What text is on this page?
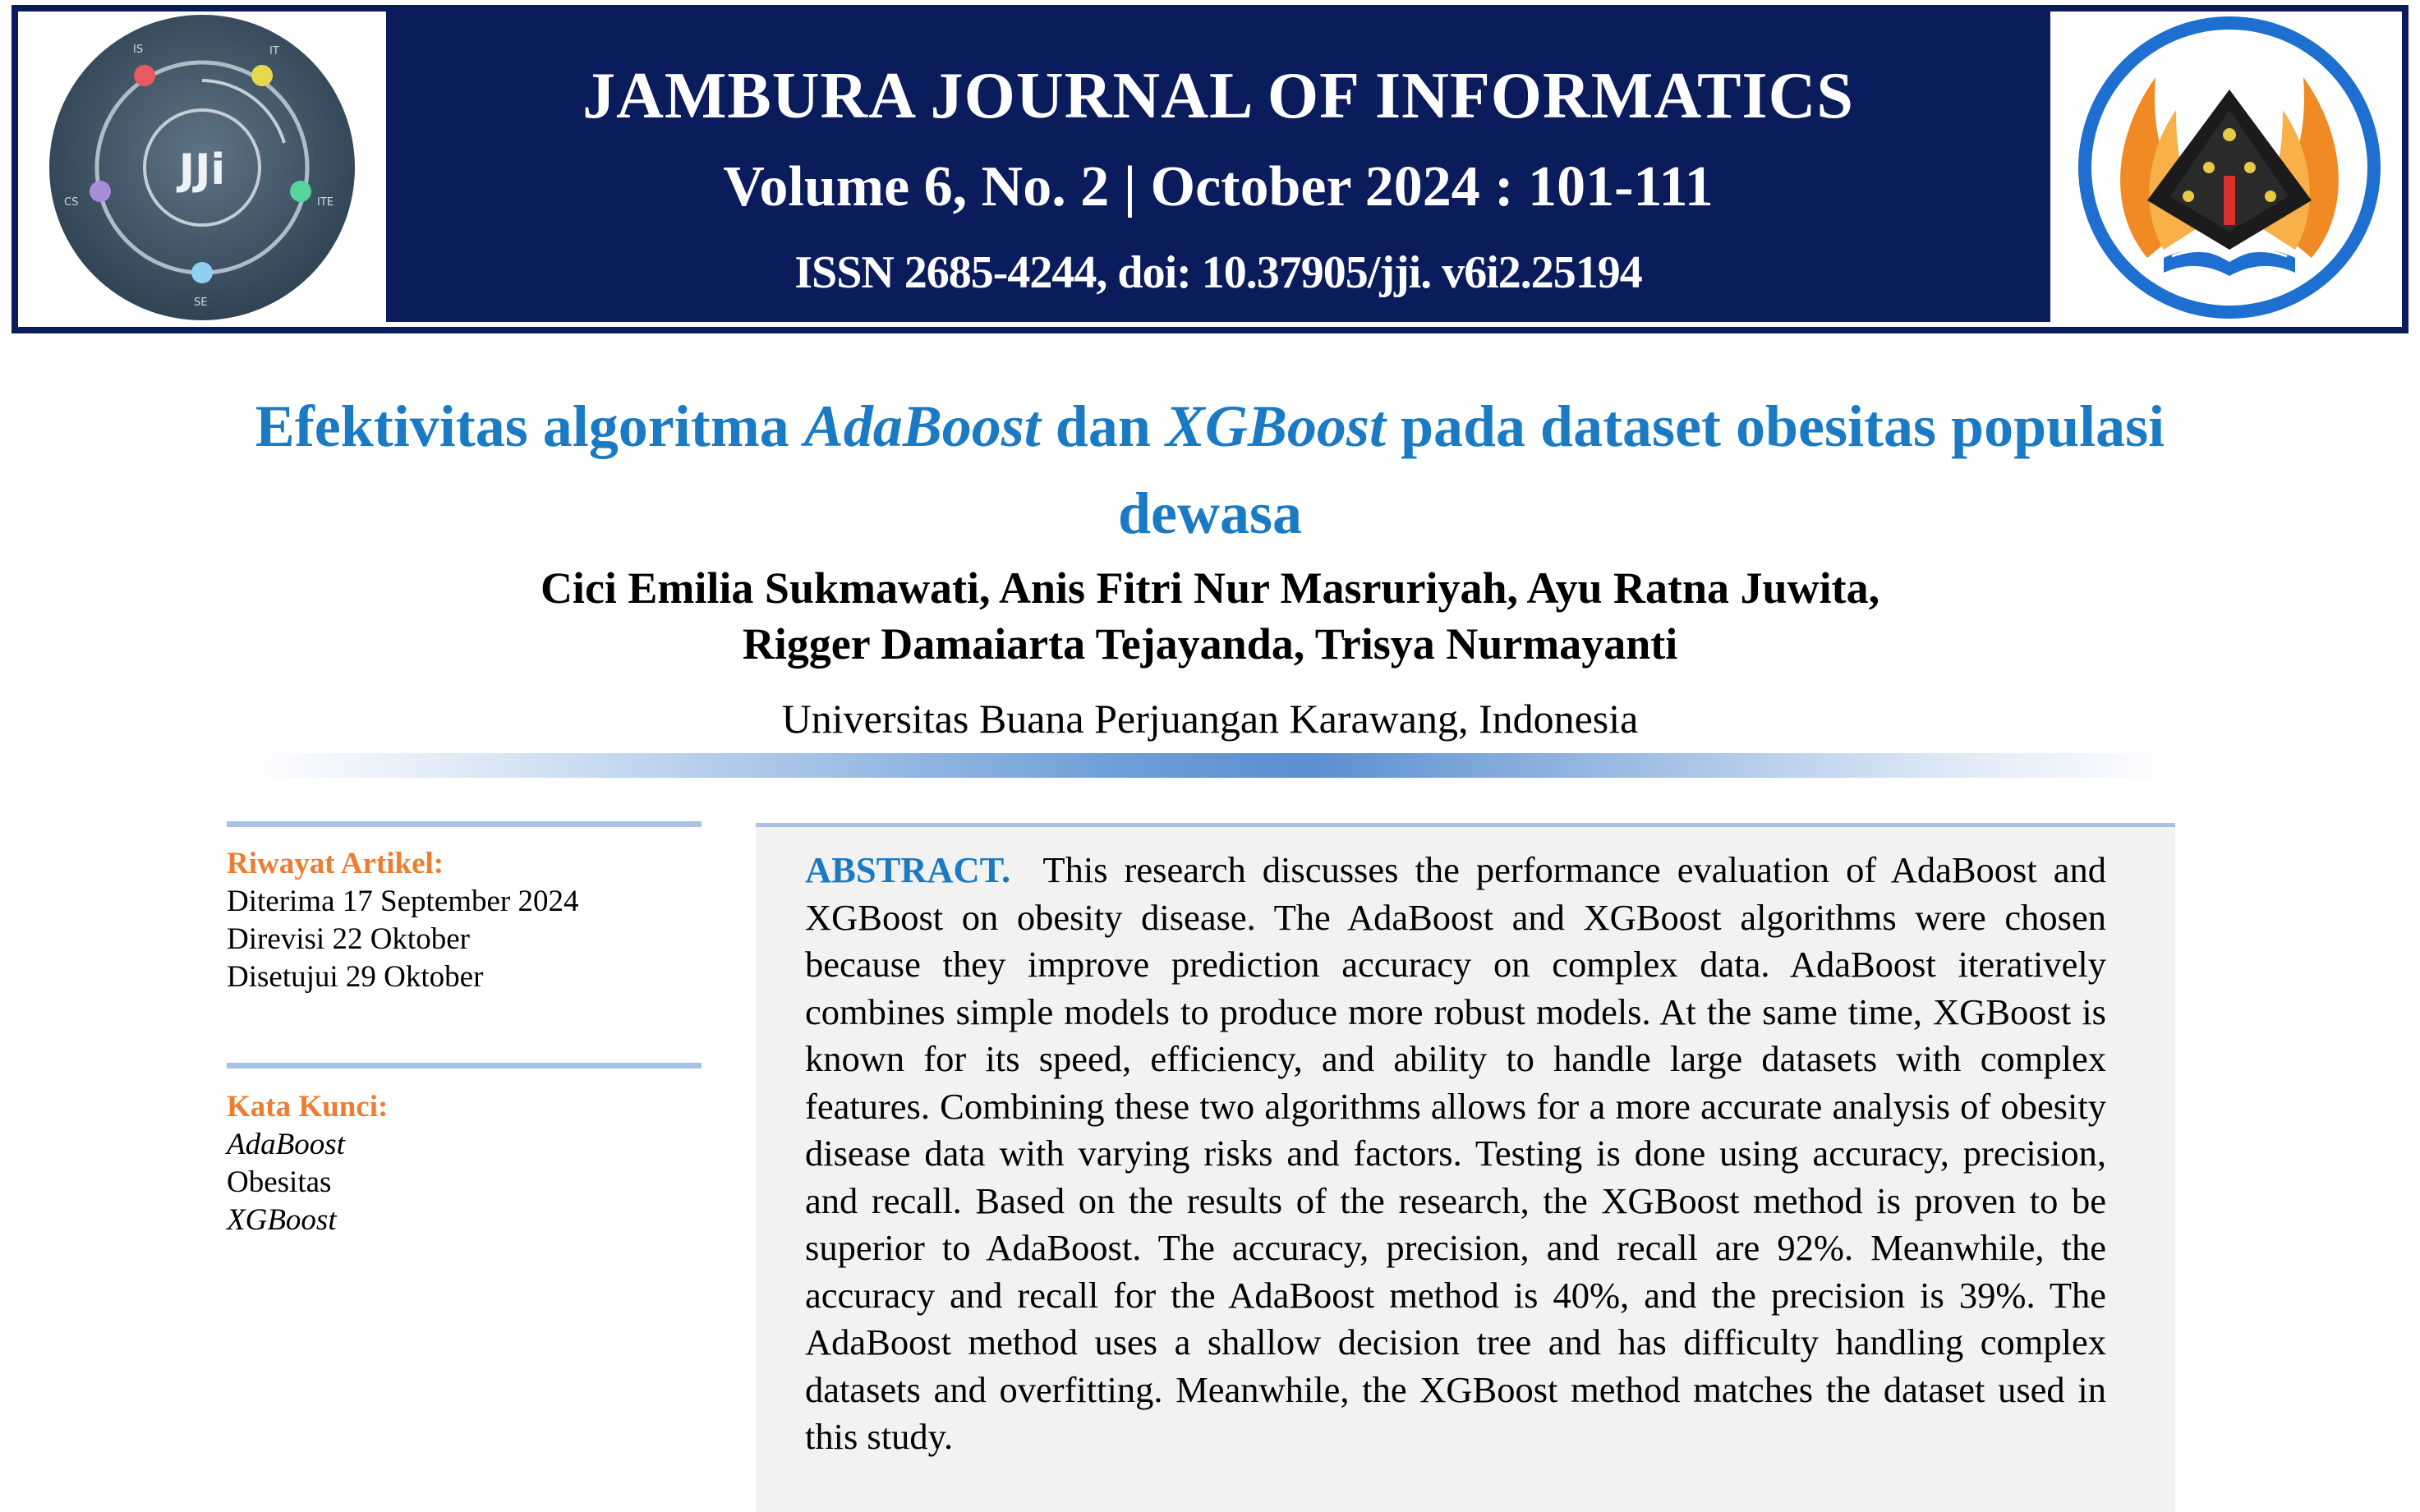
JJi
IS	IT
CS	ITE
SE
JAMBURA JOURNAL OF INFORMATICS
Volume 6, No. 2 | October 2024 : 101-111
ISSN 2685-4244, doi: 10.37905/jji. v6i2.25194
Efektivitas algoritma AdaBoost dan XGBoost pada dataset obesitas populasi dewasa
Cici Emilia Sukmawati, Anis Fitri Nur Masruriyah, Ayu Ratna Juwita,
Rigger Damaiarta Tejayanda, Trisya Nurmayanti
Universitas Buana Perjuangan Karawang, Indonesia
Riwayat Artikel:
Diterima 17 September 2024
Direvisi 22 Oktober
Disetujui 29 Oktober
Kata Kunci:
AdaBoost
Obesitas
XGBoost
ABSTRACT. This research discusses the performance evaluation of AdaBoost and XGBoost on obesity disease. The AdaBoost and XGBoost algorithms were chosen because they improve prediction accuracy on complex data. AdaBoost iteratively combines simple models to produce more robust models. At the same time, XGBoost is known for its speed, efficiency, and ability to handle large datasets with complex features. Combining these two algorithms allows for a more accurate analysis of obesity disease data with varying risks and factors. Testing is done using accuracy, precision, and recall. Based on the results of the research, the XGBoost method is proven to be superior to AdaBoost. The accuracy, precision, and recall are 92%. Meanwhile, the accuracy and recall for the AdaBoost method is 40%, and the precision is 39%. The AdaBoost method uses a shallow decision tree and has difficulty handling complex datasets and overfitting. Meanwhile, the XGBoost method matches the dataset used in this study.
